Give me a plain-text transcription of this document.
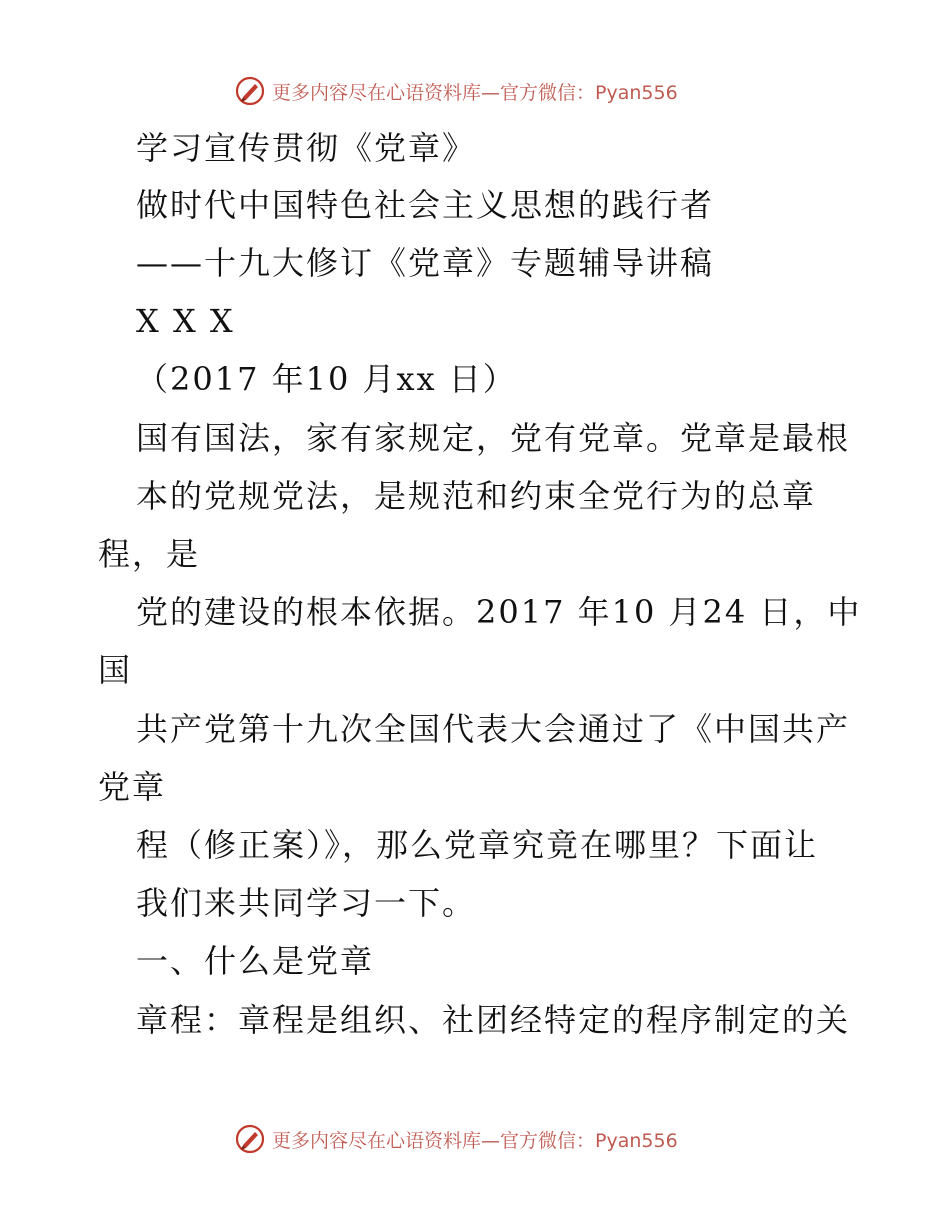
更多内容尽在心语资料库—官方微信：Pyan556
学习宣传贯彻《党章》
做时代中国特色社会主义思想的践行者
——十九大修订《党章》专题辅导讲稿
X X X
（2017 年10 月xx 日）
国有国法，家有家规定，党有党章。党章是最根
本的党规党法，是规范和约束全党行为的总章
程，是
党的建设的根本依据。2017 年10 月24 日，中
国
共产党第十九次全国代表大会通过了《中国共产
党章
程（修正案）》，那么党章究竟在哪里？下面让
我们来共同学习一下。
一、什么是党章
章程：章程是组织、社团经特定的程序制定的关
更多内容尽在心语资料库—官方微信：Pyan556
